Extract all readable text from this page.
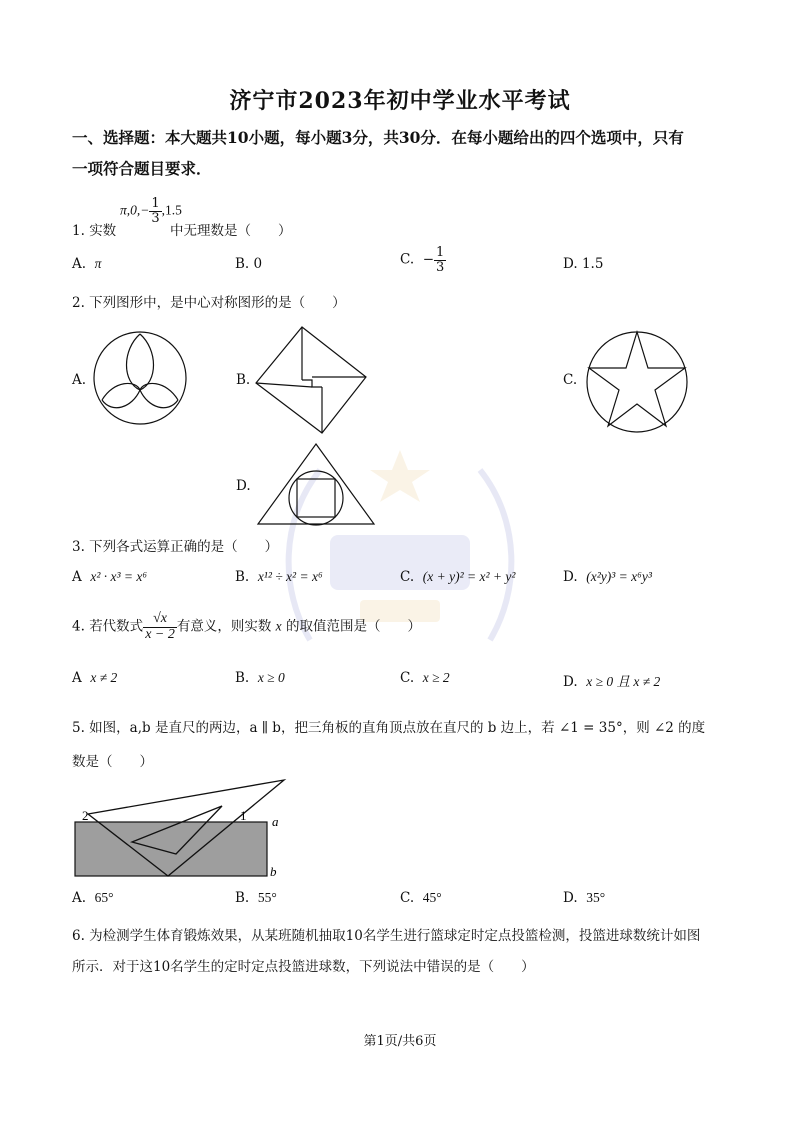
济宁市2023年初中学业水平考试
一、选择题：本大题共10小题，每小题3分，共30分．在每小题给出的四个选项中，只有
一项符合题目要求．
$\pi,0,- \frac{1}{3} ,1.5$
1. 实数	中无理数是（　　）
A. π	B. 0	C. − $\frac{1}{3}$	D. 1.5
2. 下列图形中，是中心对称图形的是（　　）
A.	B.	C.
D.
3. 下列各式运算正确的是（　　）
A x² · x³ = x⁶	B. x¹² ÷ x² = x⁶	C. (x + y)² = x² + y²	D. (x²y)³ = x⁶y³
4. 若代数式 $\frac{√x}{x - 2}$ 有意义，则实数 x 的取值范围是（　　）
A x ≠ 2	B. x ≥ 0	C. x ≥ 2	D. x ≥ 0 且 x ≠ 2
5. 如图，a,b 是直尺的两边，a ∥ b，把三角板的直角顶点放在直尺的 b 边上，若 ∠1 = 35°，则 ∠2 的度
数是（　　）
2	1 a
b
A. 65°	B. 55°	C. 45°	D. 35°
6. 为检测学生体育锻炼效果，从某班随机抽取10名学生进行篮球定时定点投篮检测，投篮进球数统计如图
所示．对于这10名学生的定时定点投篮进球数，下列说法中错误的是（　　）
第1页/共6页
